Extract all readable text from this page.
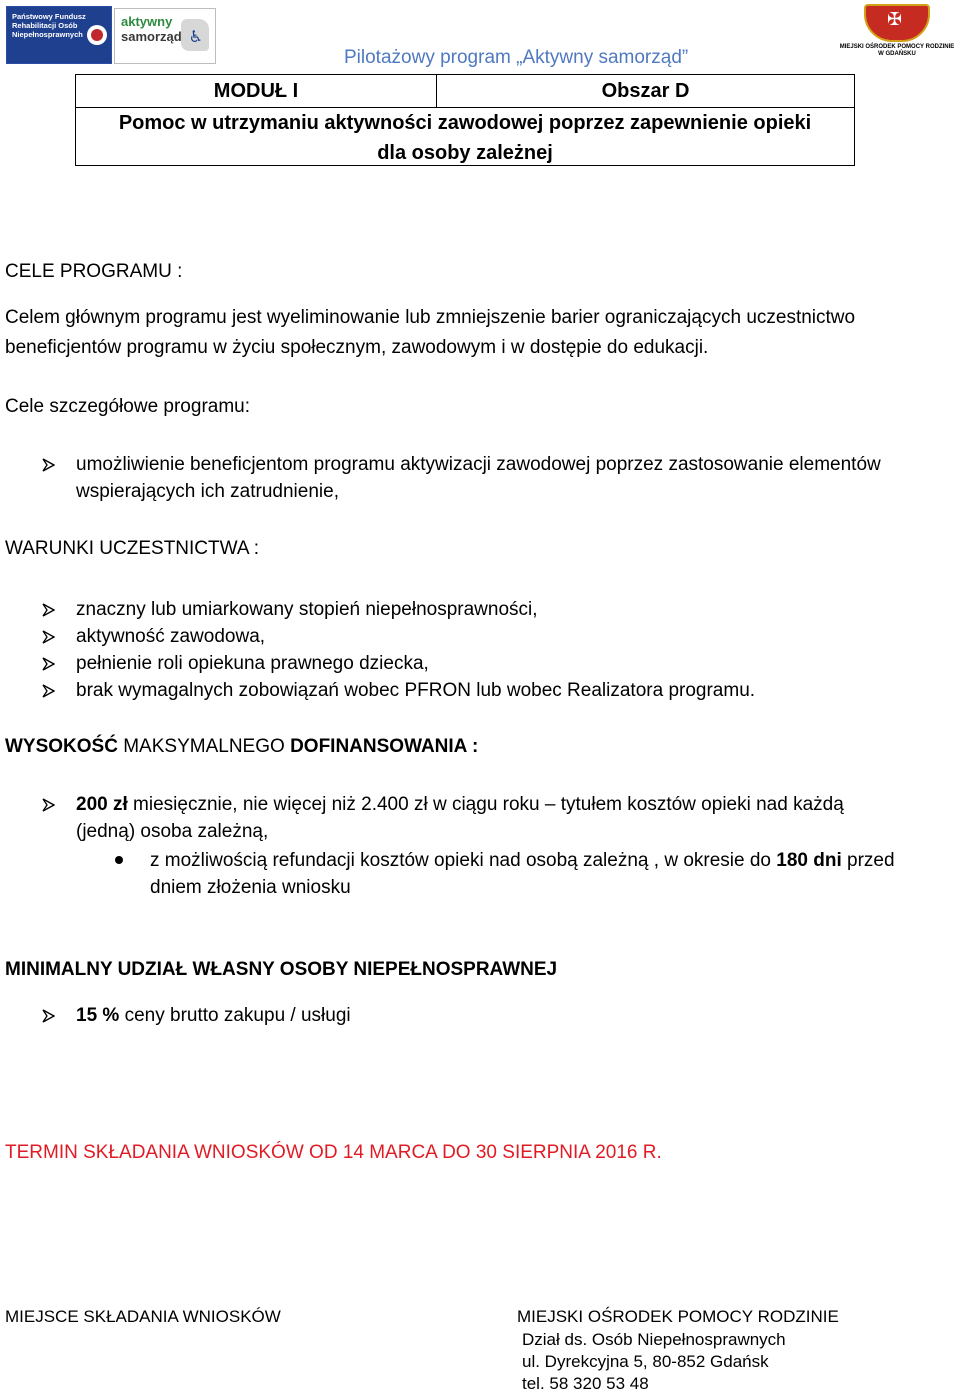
Państwowy Fundusz
Rehabilitacji Osób
Niepełnosprawnych	♿
aktywny
samorząd
✠
MIEJSKI OŚRODEK POMOCY RODZINIE
W GDAŃSKU
Pilotażowy program „Aktywny samorząd”
MODUŁ I	Obszar D
Pomoc w utrzymaniu aktywności zawodowej poprzez zapewnienie opieki
dla osoby zależnej
CELE PROGRAMU :
Celem głównym programu jest wyeliminowanie lub zmniejszenie barier ograniczających uczestnictwo
beneficjentów programu w życiu społecznym, zawodowym i w dostępie do edukacji.
Cele szczegółowe programu:
umożliwienie beneficjentom programu aktywizacji zawodowej poprzez zastosowanie elementów
wspierających ich zatrudnienie,
WARUNKI UCZESTNICTWA :
znaczny lub umiarkowany stopień niepełnosprawności,
aktywność zawodowa,
pełnienie roli opiekuna prawnego dziecka,
brak wymagalnych zobowiązań wobec PFRON lub wobec Realizatora programu.
WYSOKOŚĆ MAKSYMALNEGO DOFINANSOWANIA :
200 zł miesięcznie, nie więcej niż 2.400 zł w ciągu roku – tytułem kosztów opieki nad każdą
(jedną) osoba zależną,
z możliwością refundacji kosztów opieki nad osobą zależną , w okresie do 180 dni przed
dniem złożenia wniosku
MINIMALNY UDZIAŁ WŁASNY OSOBY NIEPEŁNOSPRAWNEJ
15 % ceny brutto zakupu / usługi
TERMIN SKŁADANIA WNIOSKÓW OD 14 MARCA DO 30 SIERPNIA 2016 R.
MIEJSCE SKŁADANIA WNIOSKÓW	MIEJSKI OŚRODEK POMOCY RODZINIE
Dział ds. Osób Niepełnosprawnych
ul. Dyrekcyjna 5, 80-852 Gdańsk
tel. 58 320 53 48
